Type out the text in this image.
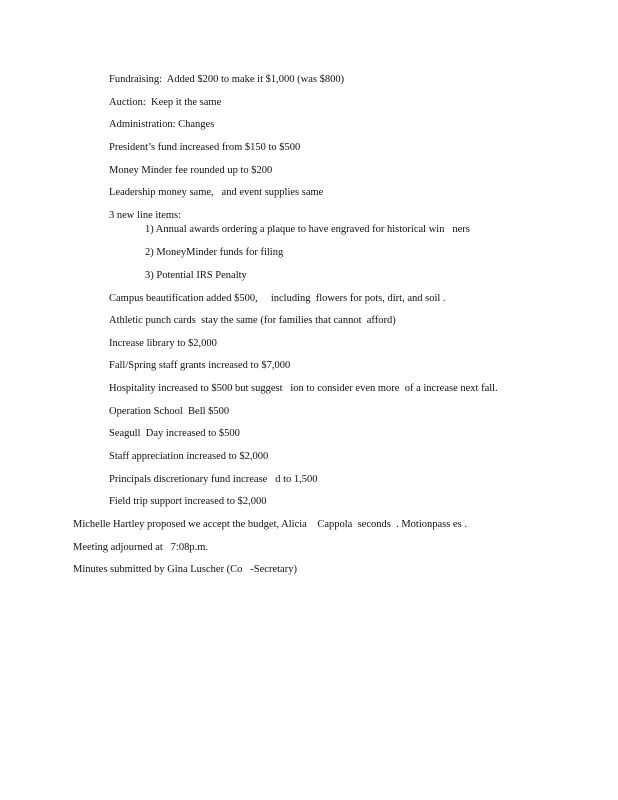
Fundraising:  Added $200 to make it $1,000 (was $800)
Auction:  Keep it the same
Administration: Changes
President’s fund increased from $150 to $500
Money Minder fee rounded up to $200
Leadership money same,   and event supplies same
3 new line items:
1) Annual awards ordering a plaque to have engraved for historical win   ners
2) MoneyMinder funds for filing
3) Potential IRS Penalty
Campus beautification added $500,     including  flowers for pots, dirt, and soil .
Athletic punch cards  stay the same (for families that cannot  afford)
Increase library to $2,000
Fall/Spring staff grants increased to $7,000
Hospitality increased to $500 but suggest   ion to consider even more  of a increase next fall.
Operation School  Bell $500
Seagull  Day increased to $500
Staff appreciation increased to $2,000
Principals discretionary fund increase   d to 1,500
Field trip support increased to $2,000
Michelle Hartley proposed we accept the budget, Alicia    Cappola  seconds  . Motionpass es .
Meeting adjourned at   7:08p.m.
Minutes submitted by Gina Luscher (Co   -Secretary)
